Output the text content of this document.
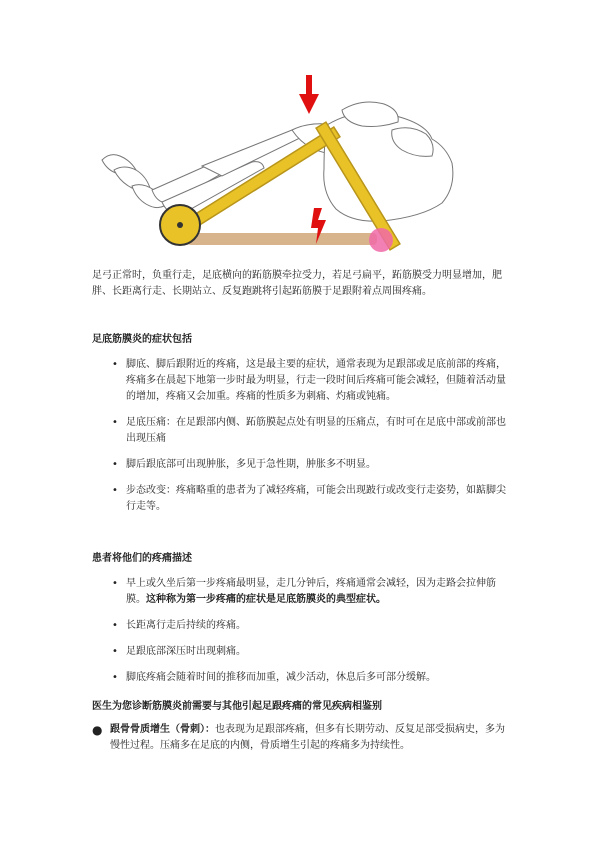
足弓正常时，负重行走，足底横向的跖筋膜牵拉受力，若足弓扁平，跖筋膜受力明显增加，肥胖、长距离行走、长期站立、反复跑跳将引起跖筋膜于足跟附着点周围疼痛。

足底筋膜炎的症状包括

• 脚底、脚后跟附近的疼痛，这是最主要的症状，通常表现为足跟部或足底前部的疼痛，疼痛多在晨起下地第一步时最为明显，行走一段时间后疼痛可能会减轻，但随着活动量的增加，疼痛又会加重。疼痛的性质多为刺痛、灼痛或钝痛。
• 足底压痛：在足跟部内侧、跖筋膜起点处有明显的压痛点，有时可在足底中部或前部也出现压痛
• 脚后跟底部可出现肿胀，多见于急性期，肿胀多不明显。
• 步态改变：疼痛略重的患者为了减轻疼痛，可能会出现跛行或改变行走姿势，如踮脚尖行走等。

患者将他们的疼痛描述

• 早上或久坐后第一步疼痛最明显，走几分钟后，疼痛通常会减轻，因为走路会拉伸筋膜。这种称为第一步疼痛的症状是足底筋膜炎的典型症状。
• 长距离行走后持续的疼痛。
• 足跟底部深压时出现刺痛。
• 脚底疼痛会随着时间的推移而加重，减少活动，休息后多可部分缓解。

医生为您诊断筋膜炎前需要与其他引起足跟疼痛的常见疾病相鉴别

● 跟骨骨质增生（骨刺）：也表现为足跟部疼痛，但多有长期劳动、反复足部受损病史，多为慢性过程。压痛多在足底的内侧，骨质增生引起的疼痛多为持续性。
